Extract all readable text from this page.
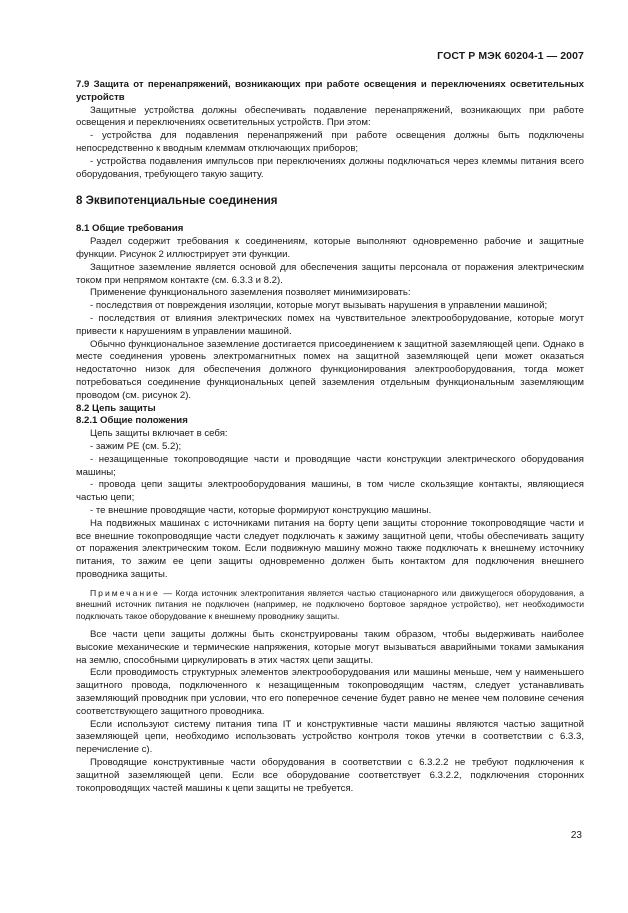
ГОСТ Р МЭК 60204-1 — 2007

7.9 Защита от перенапряжений, возникающих при работе освещения и переключениях осветительных устройств

Защитные устройства должны обеспечивать подавление перенапряжений, возникающих при работе освещения и переключениях осветительных устройств. При этом:

- устройства для подавления перенапряжений при работе освещения должны быть подключены непосредственно к вводным клеммам отключающих приборов;

- устройства подавления импульсов при переключениях должны подключаться через клеммы питания всего оборудования, требующего такую защиту.

8 Эквипотенциальные соединения

8.1 Общие требования

Раздел содержит требования к соединениям, которые выполняют одновременно рабочие и защитные функции. Рисунок 2 иллюстрирует эти функции.

Защитное заземление является основой для обеспечения защиты персонала от поражения электрическим током при непрямом контакте (см. 6.3.3 и 8.2).

Применение функционального заземления позволяет минимизировать:

- последствия от повреждения изоляции, которые могут вызывать нарушения в управлении машиной;

- последствия от влияния электрических помех на чувствительное электрооборудование, которые могут привести к нарушениям в управлении машиной.

Обычно функциональное заземление достигается присоединением к защитной заземляющей цепи. Однако в месте соединения уровень электромагнитных помех на защитной заземляющей цепи может оказаться недостаточно низок для обеспечения должного функционирования электрооборудования, тогда может потребоваться соединение функциональных цепей заземления отдельным функциональным заземляющим проводом (см. рисунок 2).

8.2 Цепь защиты

8.2.1 Общие положения

Цепь защиты включает в себя:

- зажим PE (см. 5.2);

- незащищенные токопроводящие части и проводящие части конструкции электрического оборудования машины;

- провода цепи защиты электрооборудования машины, в том числе скользящие контакты, являющиеся частью цепи;

- те внешние проводящие части, которые формируют конструкцию машины.

На подвижных машинах с источниками питания на борту цепи защиты сторонние токопроводящие части и все внешние токопроводящие части следует подключать к зажиму защитной цепи, чтобы обеспечивать защиту от поражения электрическим током. Если подвижную машину можно также подключать к внешнему источнику питания, то зажим ее цепи защиты одновременно должен быть контактом для подключения внешнего проводника защиты.

Примечание — Когда источник электропитания является частью стационарного или движущегося оборудования, а внешний источник питания не подключен (например, не подключено бортовое зарядное устройство), нет необходимости подключать такое оборудование к внешнему проводнику защиты.

Все части цепи защиты должны быть сконструированы таким образом, чтобы выдерживать наиболее высокие механические и термические напряжения, которые могут вызываться аварийными токами замыкания на землю, способными циркулировать в этих частях цепи защиты.

Если проводимость структурных элементов электрооборудования или машины меньше, чем у наименьшего защитного провода, подключенного к незащищенным токопроводящим частям, следует устанавливать заземляющий проводник при условии, что его поперечное сечение будет равно не менее чем половине сечения соответствующего защитного проводника.

Если используют систему питания типа IT и конструктивные части машины являются частью защитной заземляющей цепи, необходимо использовать устройство контроля токов утечки в соответствии с 6.3.3, перечисление с).

Проводящие конструктивные части оборудования в соответствии с 6.3.2.2 не требуют подключения к защитной заземляющей цепи. Если все оборудование соответствует 6.3.2.2, подключения сторонних токопроводящих частей машины к цепи защиты не требуется.

23
